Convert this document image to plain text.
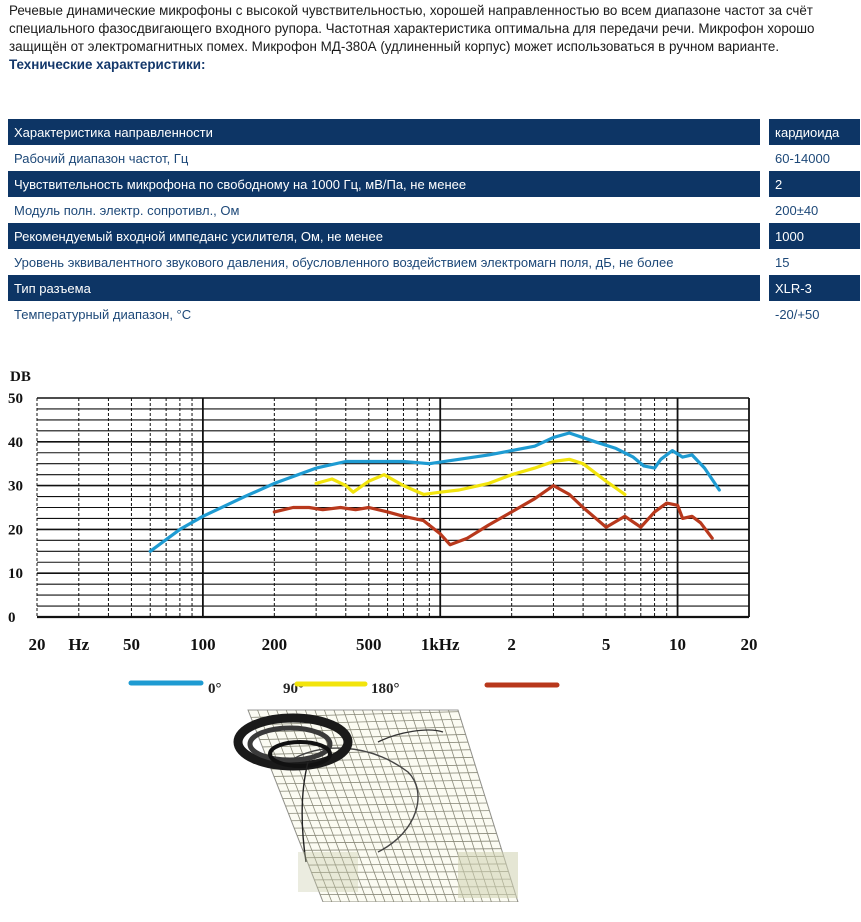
Речевые динамические микрофоны с высокой чувствительностью, хорошей направленностью во всем диапазоне частот за счёт
специального фазосдвигающего входного рупора. Частотная характеристика оптимальна для передачи речи. Микрофон хорошо
защищён от электромагнитных помех. Микрофон МД-380А (удлиненный корпус) может использоваться в ручном варианте.
Технические характеристики:
Характеристика направленности		кардиоида
Рабочий диапазон частот, Гц		60-14000
Чувствительность микрофона по свободному на 1000 Гц, мВ/Па, не менее		2
Модуль полн. электр. сопротивл., Ом		200±40
Рекомендуемый входной импеданс усилителя, Ом, не менее		1000
Уровень эквивалентного звукового давления, обусловленного воздействием электромагн поля, дБ, не более		15
Тип разъема		XLR-3
Температурный диапазон, °С		-20/+50
0
10
20
30
40
50
20 Hz 50	100	200	500 1kHz	2	5	10	20
DB
0°	90°	180°
